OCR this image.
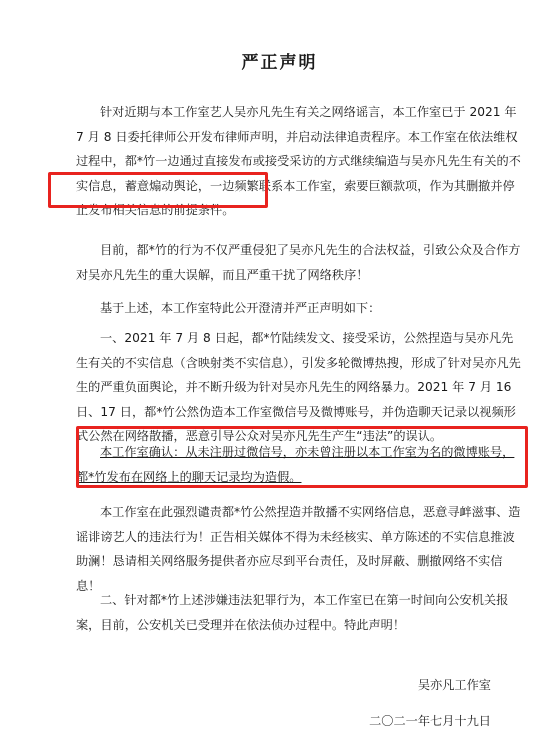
严正声明

针对近期与本工作室艺人吴亦凡先生有关之网络谣言，本工作室已于 2021 年 7 月 8 日委托律师公开发布律师声明，并启动法律追责程序。本工作室在依法维权过程中，都*竹一边通过直接发布或接受采访的方式继续编造与吴亦凡先生有关的不实信息，蓄意煽动舆论，一边频繁联系本工作室，索要巨额款项，作为其删撤并停止发布相关信息的前提条件。

目前，都*竹的行为不仅严重侵犯了吴亦凡先生的合法权益，引致公众及合作方对吴亦凡先生的重大误解，而且严重干扰了网络秩序！

基于上述，本工作室特此公开澄清并严正声明如下：

一、2021 年 7 月 8 日起，都*竹陆续发文、接受采访，公然捏造与吴亦凡先生有关的不实信息（含映射类不实信息），引发多轮微博热搜，形成了针对吴亦凡先生的严重负面舆论，并不断升级为针对吴亦凡先生的网络暴力。2021 年 7 月 16 日、17 日，都*竹公然伪造本工作室微信号及微博账号，并伪造聊天记录以视频形式公然在网络散播，恶意引导公众对吴亦凡先生产生“违法”的误认。

本工作室确认：从未注册过微信号，亦未曾注册以本工作室为名的微博账号，都*竹发布在网络上的聊天记录均为造假。

本工作室在此强烈谴责都*竹公然捏造并散播不实网络信息，恶意寻衅滋事、造谣诽谤艺人的违法行为！正告相关媒体不得为未经核实、单方陈述的不实信息推波助澜！恳请相关网络服务提供者亦应尽到平台责任，及时屏蔽、删撤网络不实信息！

二、针对都*竹上述涉嫌违法犯罪行为，本工作室已在第一时间向公安机关报案，目前，公安机关已受理并在依法侦办过程中。特此声明！

吴亦凡工作室
二〇二一年七月十九日
